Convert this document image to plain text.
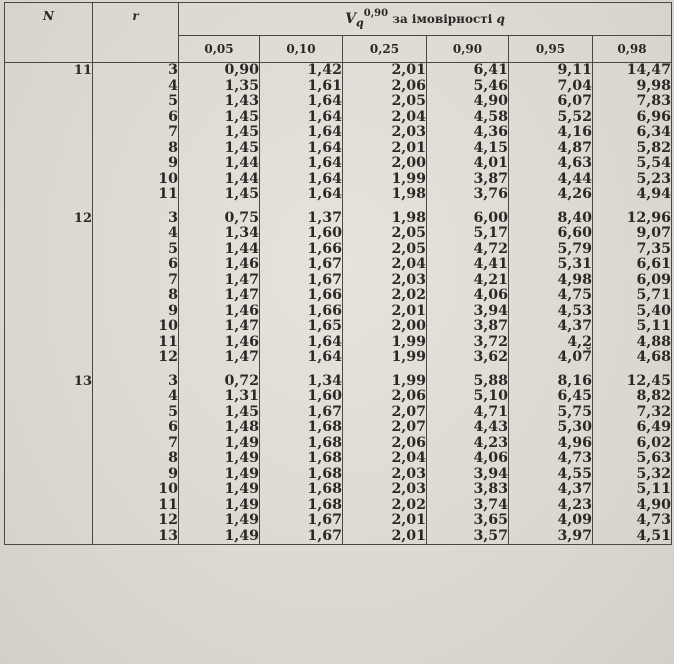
N	r	$V_q^{0,90}$ за імовірності q					
		0,05	0,10	0,25	0,90	0,95	0,98
11	3	0,90	1,42	2,01	6,41	9,11	14,47
	4	1,35	1,61	2,06	5,46	7,04	9,98
	5	1,43	1,64	2,05	4,90	6,07	7,83
	6	1,45	1,64	2,04	4,58	5,52	6,96
	7	1,45	1,64	2,03	4,36	4,16	6,34
	8	1,45	1,64	2,01	4,15	4,87	5,82
	9	1,44	1,64	2,00	4,01	4,63	5,54
	10	1,44	1,64	1,99	3,87	4,44	5,23
	11	1,45	1,64	1,98	3,76	4,26	4,94

12	3	0,75	1,37	1,98	6,00	8,40	12,96
	4	1,34	1,60	2,05	5,17	6,60	9,07
	5	1,44	1,66	2,05	4,72	5,79	7,35
	6	1,46	1,67	2,04	4,41	5,31	6,61
	7	1,47	1,67	2,03	4,21	4,98	6,09
	8	1,47	1,66	2,02	4,06	4,75	5,71
	9	1,46	1,66	2,01	3,94	4,53	5,40
	10	1,47	1,65	2,00	3,87	4,37	5,11
	11	1,46	1,64	1,99	3,72	4,2̬	4,88
	12	1,47	1,64	1,99	3,62	4,07	4,68

13	3	0,72	1,34	1,99	5,88	8,16	12,45
	4	1,31	1,60	2,06	5,10	6,45	8,82
	5	1,45	1,67	2,07	4,71	5,75	7,32
	6	1,48	1,68	2,07	4,43	5,30	6,49
	7	1,49	1,68	2,06	4,23	4,96	6,02
	8	1,49	1,68	2,04	4,06	4,73	5,63
	9	1,49	1,68	2,03	3,94	4,55	5,32
	10	1,49	1,68	2,03	3,83	4,37	5,11
	11	1,49	1,68	2,02	3,74	4,23	4,90
	12	1,49	1,67	2,01	3,65	4,09	4,73
	13	1,49	1,67	2,01	3,57	3,97	4,51
